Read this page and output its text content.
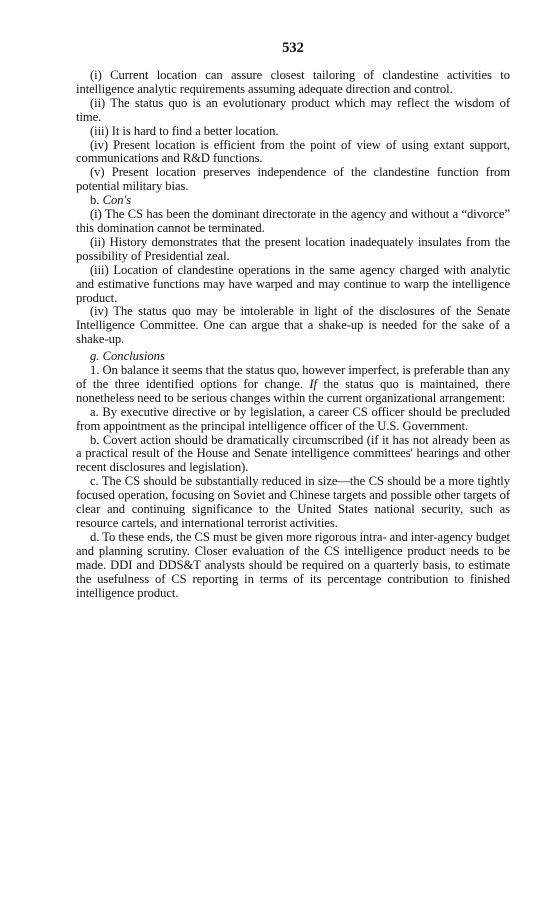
532

(i) Current location can assure closest tailoring of clandestine activities to intelligence analytic requirements assuming adequate direction and control.

(ii) The status quo is an evolutionary product which may reflect the wisdom of time.

(iii) It is hard to find a better location.

(iv) Present location is efficient from the point of view of using extant support, communications and R&D functions.

(v) Present location preserves independence of the clandestine function from potential military bias.

b. Con's

(i) The CS has been the dominant directorate in the agency and without a “divorce” this domination cannot be terminated.

(ii) History demonstrates that the present location inadequately insulates from the possibility of Presidential zeal.

(iii) Location of clandestine operations in the same agency charged with analytic and estimative functions may have warped and may continue to warp the intelligence product.

(iv) The status quo may be intolerable in light of the disclosures of the Senate Intelligence Committee. One can argue that a shake-up is needed for the sake of a shake-up.

g. Conclusions

1. On balance it seems that the status quo, however imperfect, is preferable than any of the three identified options for change. If the status quo is maintained, there nonetheless need to be serious changes within the current organizational arrangement:

a. By executive directive or by legislation, a career CS officer should be precluded from appointment as the principal intelligence officer of the U.S. Government.

b. Covert action should be dramatically circumscribed (if it has not already been as a practical result of the House and Senate intelligence committees' hearings and other recent disclosures and legislation).

c. The CS should be substantially reduced in size—the CS should be a more tightly focused operation, focusing on Soviet and Chinese targets and possible other targets of clear and continuing significance to the United States national security, such as resource cartels, and international terrorist activities.

d. To these ends, the CS must be given more rigorous intra- and inter-agency budget and planning scrutiny. Closer evaluation of the CS intelligence product needs to be made. DDI and DDS&T analysts should be required on a quarterly basis, to estimate the usefulness of CS reporting in terms of its percentage contribution to finished intelligence product.
